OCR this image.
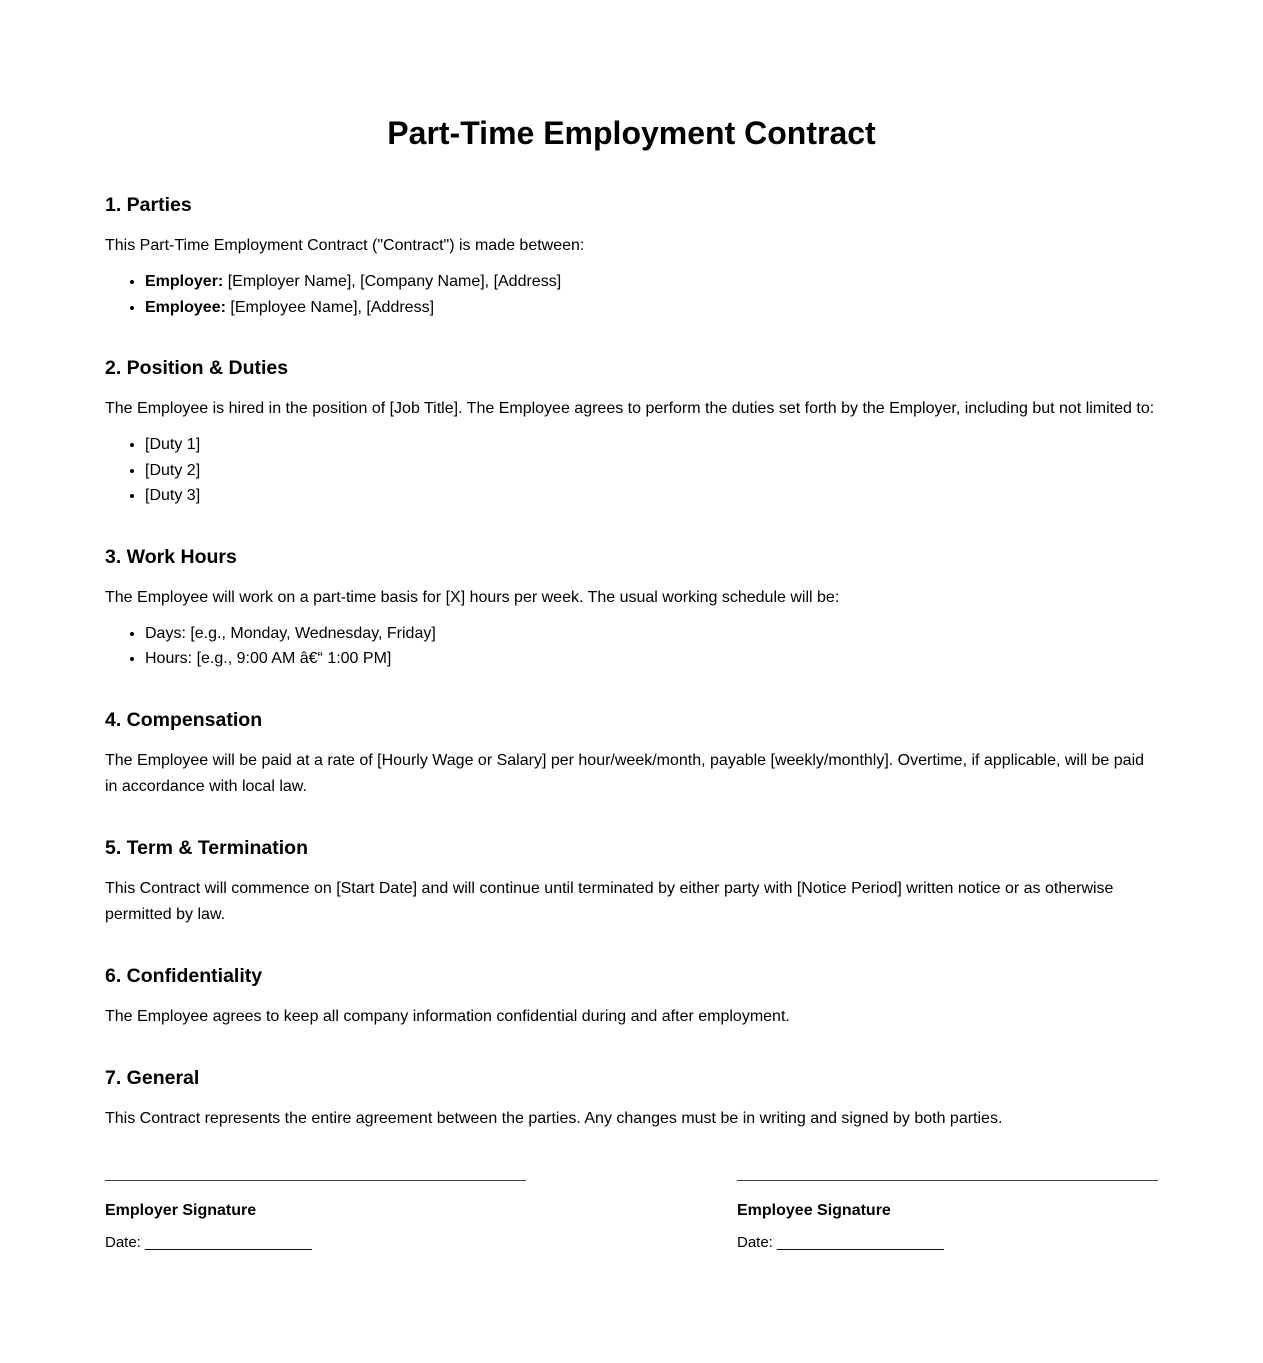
Part-Time Employment Contract
1. Parties

This Part-Time Employment Contract ("Contract") is made between:

• Employer: [Employer Name], [Company Name], [Address]
• Employee: [Employee Name], [Address]
2. Position & Duties

The Employee is hired in the position of [Job Title]. The Employee agrees to perform the duties set forth by the Employer, including but not limited to:

• [Duty 1]
• [Duty 2]
• [Duty 3]
3. Work Hours

The Employee will work on a part-time basis for [X] hours per week. The usual working schedule will be:

• Days: [e.g., Monday, Wednesday, Friday]
• Hours: [e.g., 9:00 AM â€“ 1:00 PM]
4. Compensation

The Employee will be paid at a rate of [Hourly Wage or Salary] per hour/week/month, payable [weekly/monthly]. Overtime, if applicable, will be paid in accordance with local law.

5. Term & Termination

This Contract will commence on [Start Date] and will continue until terminated by either party with [Notice Period] written notice or as otherwise permitted by law.

6. Confidentiality

The Employee agrees to keep all company information confidential during and after employment.

7. General

This Contract represents the entire agreement between the parties. Any changes must be in writing and signed by both parties.

Employer Signature
Date: ____________________
Employee Signature
Date: ____________________
